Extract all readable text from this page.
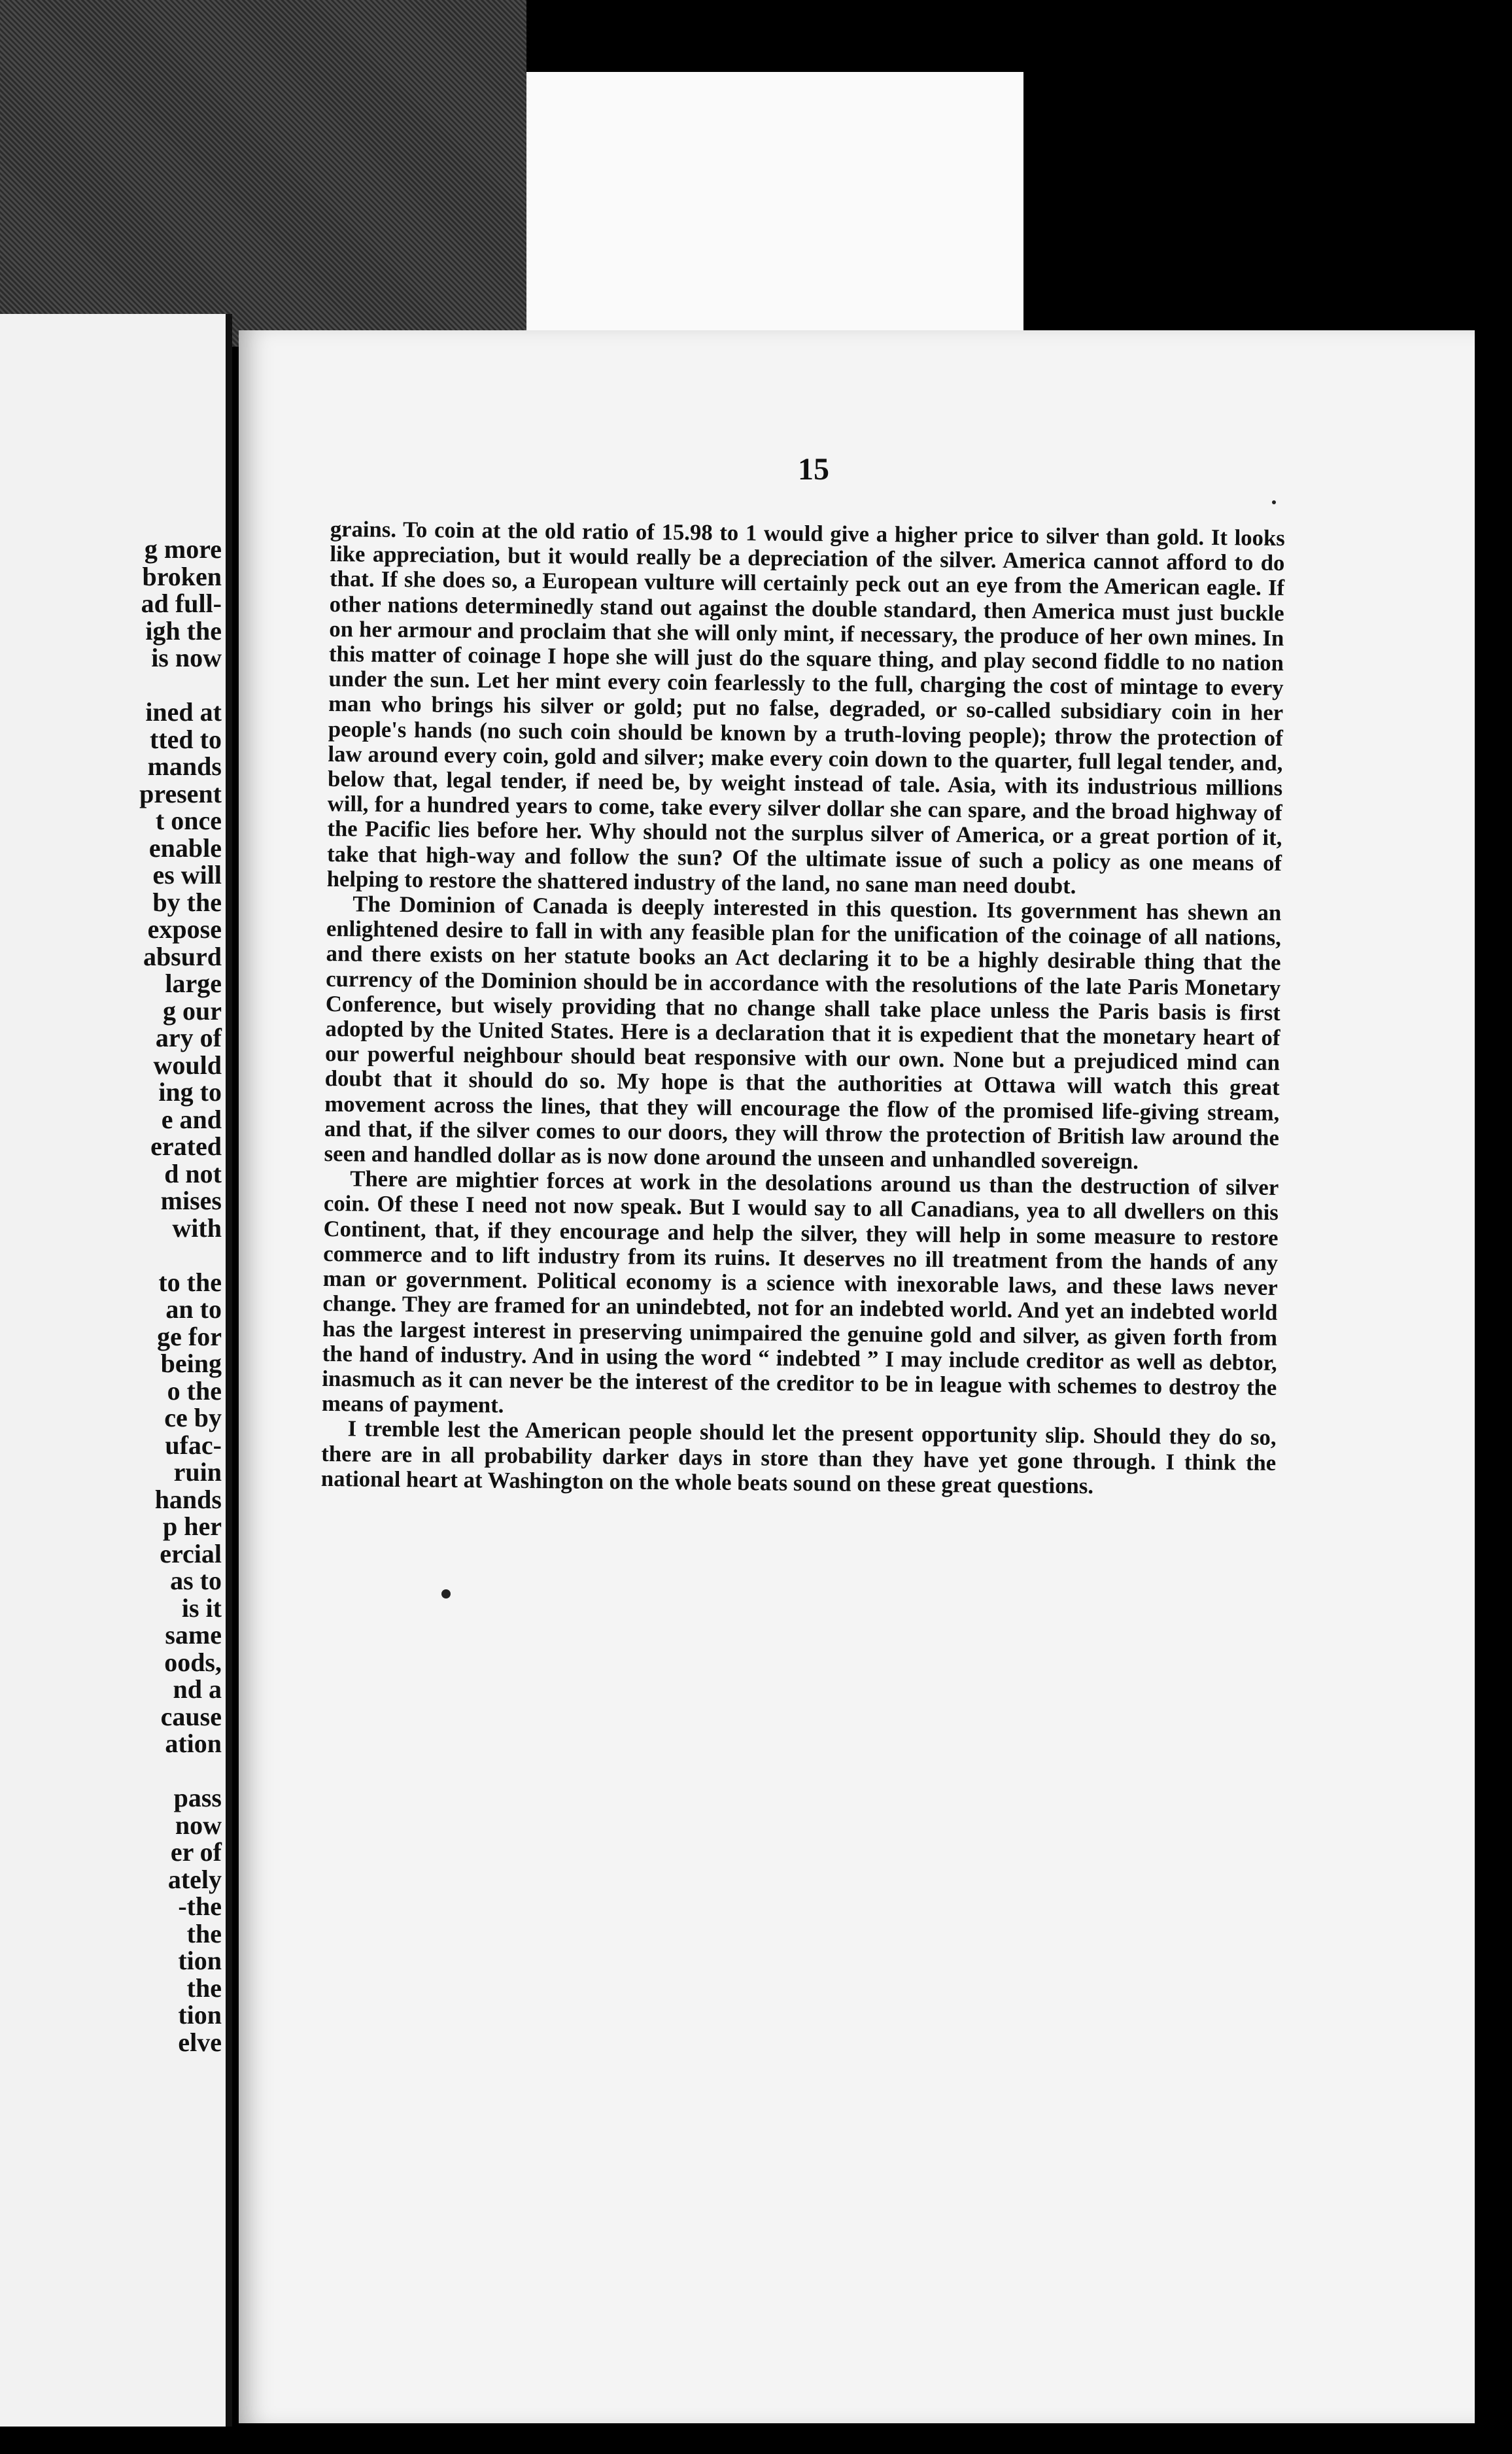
g more
broken
ad full-
igh the
is now
ined at
tted to
mands
present
t once
enable
es will
by the
expose
absurd
large
g our
ary of
would
ing to
e and
erated
d not
mises
with
to the
an to
ge for
being
o the
ce by
ufac-
ruin
hands
p her
ercial
as to
is it
same
oods,
nd a
cause
ation
pass
now
er of
ately
-the
the
tion
the
tion
elve
15

grains. To coin at the old ratio of 15.98 to 1 would give a higher price to silver than gold. It looks like appreciation, but it would really be a depreciation of the silver. America cannot afford to do that. If she does so, a European vulture will certainly peck out an eye from the American eagle. If other nations determinedly stand out against the double standard, then America must just buckle on her armour and proclaim that she will only mint, if necessary, the produce of her own mines. In this matter of coinage I hope she will just do the square thing, and play second fiddle to no nation under the sun. Let her mint every coin fearlessly to the full, charging the cost of mintage to every man who brings his silver or gold; put no false, degraded, or so-called subsidiary coin in her people's hands (no such coin should be known by a truth-loving people); throw the protection of law around every coin, gold and silver; make every coin down to the quarter, full legal tender, and, below that, legal tender, if need be, by weight instead of tale. Asia, with its industrious millions will, for a hundred years to come, take every silver dollar she can spare, and the broad highway of the Pacific lies before her. Why should not the surplus silver of America, or a great portion of it, take that high-way and follow the sun? Of the ultimate issue of such a policy as one means of helping to restore the shattered industry of the land, no sane man need doubt.

The Dominion of Canada is deeply interested in this question. Its government has shewn an enlightened desire to fall in with any feasible plan for the unification of the coinage of all nations, and there exists on her statute books an Act declaring it to be a highly desirable thing that the currency of the Dominion should be in accordance with the resolutions of the late Paris Monetary Conference, but wisely providing that no change shall take place unless the Paris basis is first adopted by the United States. Here is a declaration that it is expedient that the monetary heart of our powerful neighbour should beat responsive with our own. None but a prejudiced mind can doubt that it should do so. My hope is that the authorities at Ottawa will watch this great movement across the lines, that they will encourage the flow of the promised life-giving stream, and that, if the silver comes to our doors, they will throw the protection of British law around the seen and handled dollar as is now done around the unseen and unhandled sovereign.

There are mightier forces at work in the desolations around us than the destruction of silver coin. Of these I need not now speak. But I would say to all Canadians, yea to all dwellers on this Continent, that, if they encourage and help the silver, they will help in some measure to restore commerce and to lift industry from its ruins. It deserves no ill treatment from the hands of any man or government. Political economy is a science with inexorable laws, and these laws never change. They are framed for an unindebted, not for an indebted world. And yet an indebted world has the largest interest in preserving unimpaired the genuine gold and silver, as given forth from the hand of industry. And in using the word “ indebted ” I may include creditor as well as debtor, inasmuch as it can never be the interest of the creditor to be in league with schemes to destroy the means of payment.

I tremble lest the American people should let the present opportunity slip. Should they do so, there are in all probability darker days in store than they have yet gone through. I think the national heart at Washington on the whole beats sound on these great questions.
